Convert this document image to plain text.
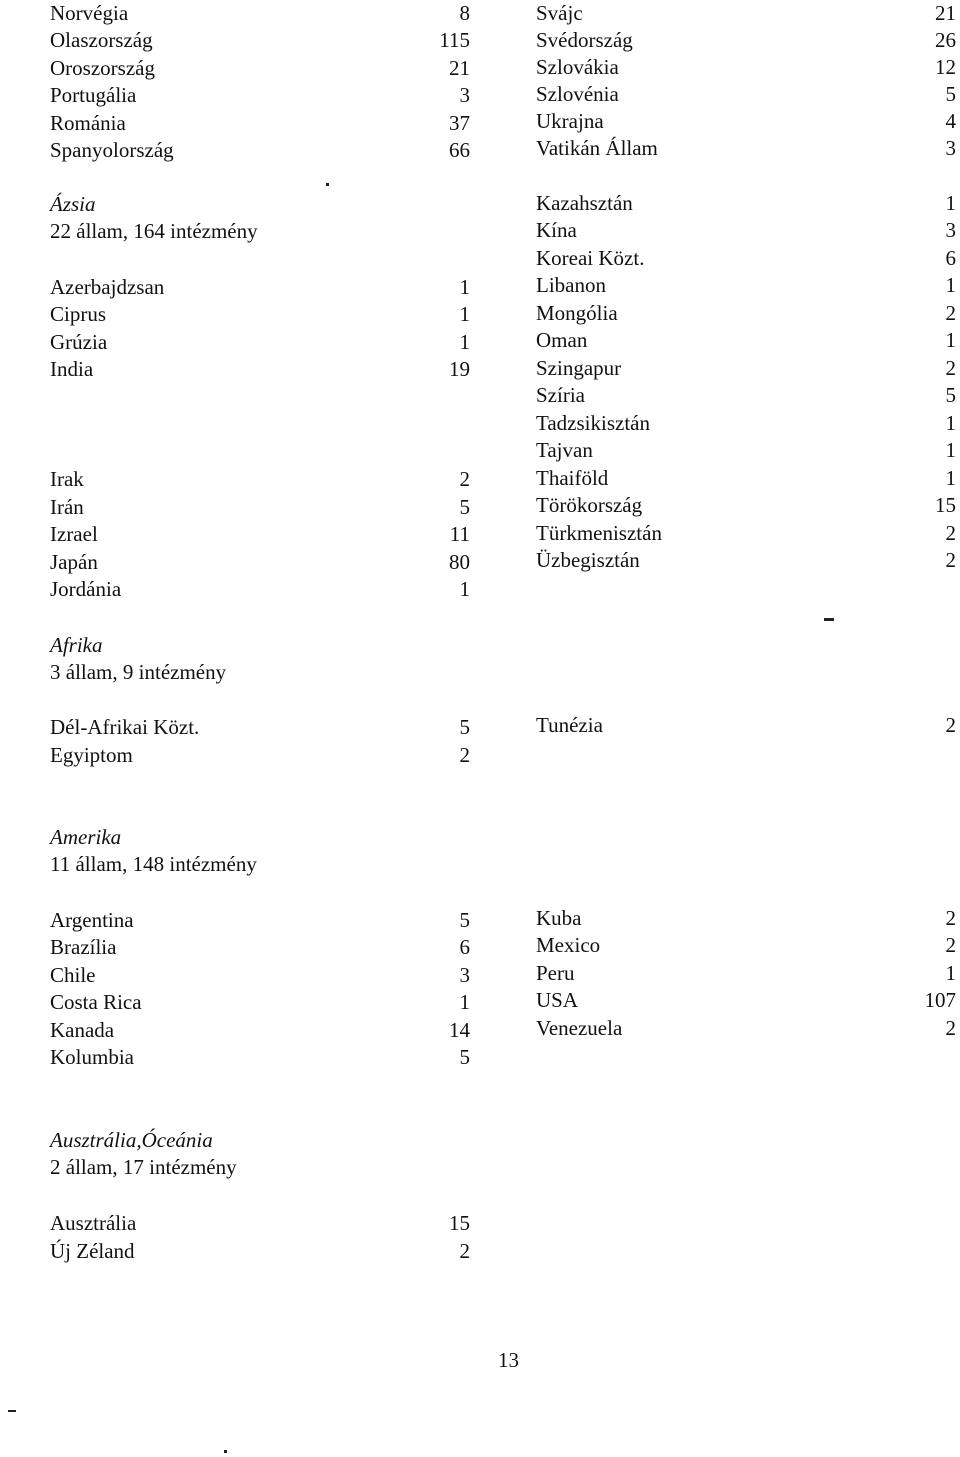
Norvégia	8
Olaszország	115
Oroszország	21
Portugália	3
Románia	37
Spanyolország	66
Svájc	21
Svédország	26
Szlovákia	12
Szlovénia	5
Ukrajna	4
Vatikán Állam	3
Ázsia
22 állam, 164 intézmény
Azerbajdzsan	1
Ciprus	1
Grúzia	1
India	19
Irak	2
Irán	5
Izrael	11
Japán	80
Jordánia	1
Kazahsztán	1
Kína	3
Koreai Közt.	6
Libanon	1
Mongólia	2
Oman	1
Szingapur	2
Szíria	5
Tadzsikisztán	1
Tajvan	1
Thaiföld	1
Törökország	15
Türkmenisztán	2
Üzbegisztán	2
Afrika
3 állam, 9 intézmény
Dél-Afrikai Közt.	5
Egyiptom	2
Tunézia	2
Amerika
11 állam, 148 intézmény
Argentina	5
Brazília	6
Chile	3
Costa Rica	1
Kanada	14
Kolumbia	5
Kuba	2
Mexico	2
Peru	1
USA	107
Venezuela	2
Ausztrália,Óceánia
2 állam, 17 intézmény
Ausztrália	15
Új Zéland	2
13
